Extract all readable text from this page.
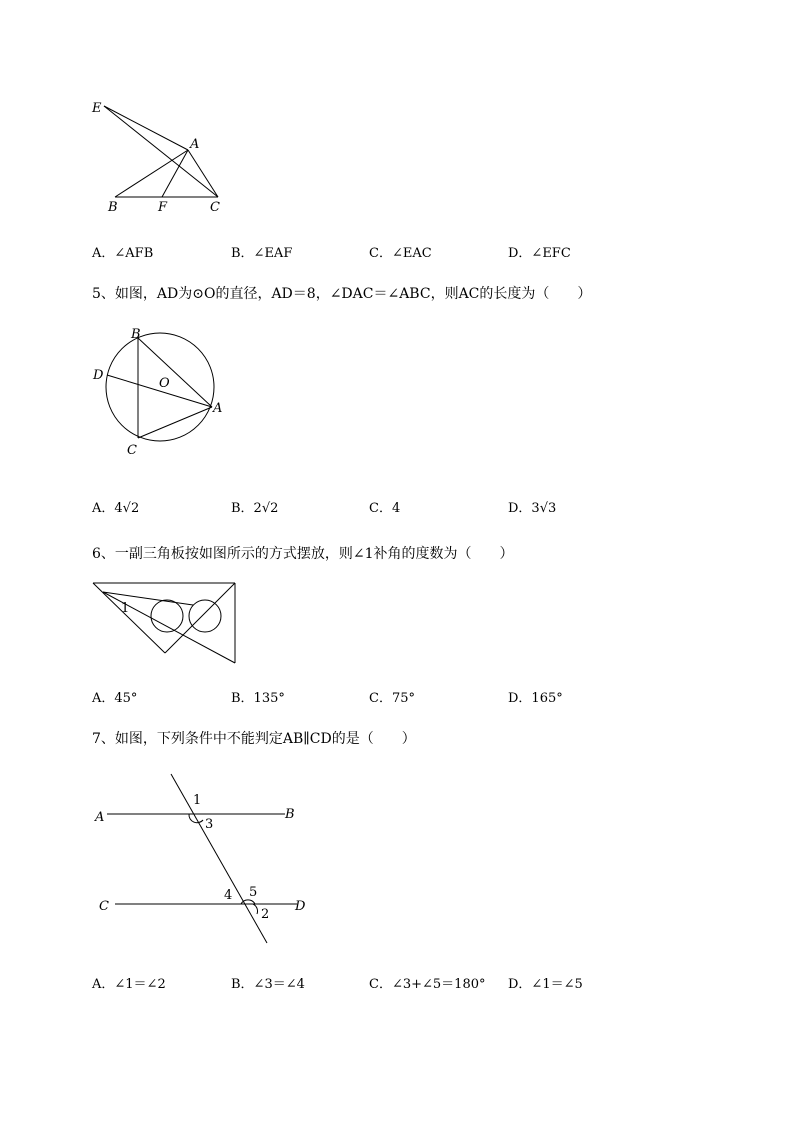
E
A
B	F	C
A．∠AFB	B．∠EAF	C．∠EAC	D．∠EFC
5、如图，AD为⊙O的直径，AD＝8，∠DAC＝∠ABC，则AC的长度为（　　）
B
D
O
A
C
A．4√2	B．2√2	C．4	D．3√3
6、一副三角板按如图所示的方式摆放，则∠1补角的度数为（　　）
1
A．45°	B．135°	C．75°	D．165°
7、如图，下列条件中不能判定AB∥CD的是（　　）
A	B
C	D
1
3
4 5
2
A．∠1＝∠2	B．∠3＝∠4	C．∠3+∠5＝180° D．∠1＝∠5
